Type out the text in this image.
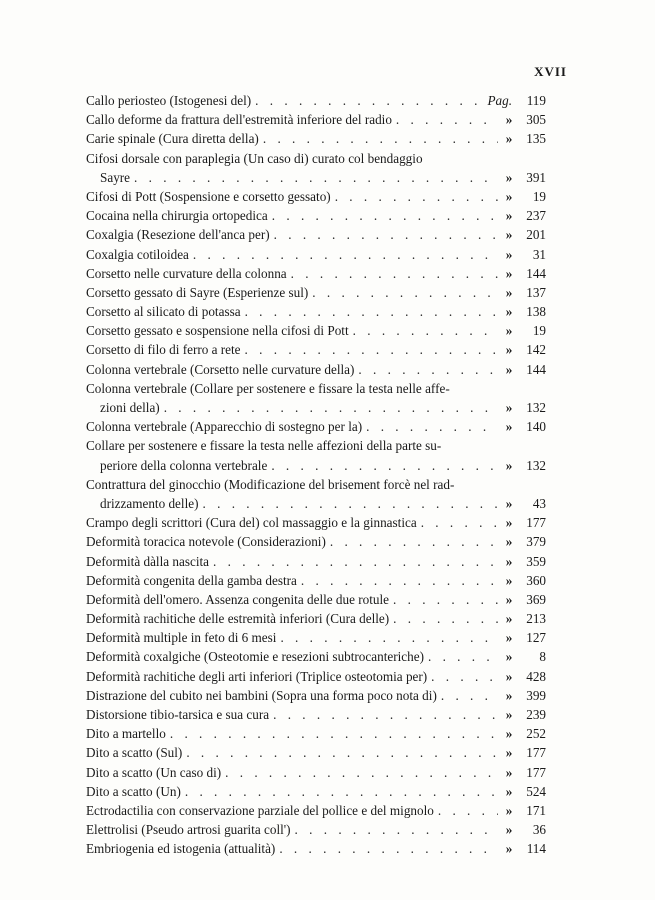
XVII
Callo periosteo (Istogenesi del) . . .	Pag.	119
Callo deforme da frattura dell'estremità inferiore del radio . . .	»	305
Carie spinale (Cura diretta della) . . .	»	135
Cifosi dorsale con paraplegia (Un caso di) curato col bendaggio
Sayre . . .	»	391
Cifosi di Pott (Sospensione e corsetto gessato) . . .	»	19
Cocaina nella chirurgia ortopedica . . .	»	237
Coxalgia (Resezione dell'anca per) . . .	»	201
Coxalgia cotiloidea . . .	»	31
Corsetto nelle curvature della colonna . . .	»	144
Corsetto gessato di Sayre (Esperienze sul) . . .	»	137
Corsetto al silicato di potassa . . .	»	138
Corsetto gessato e sospensione nella cifosi di Pott . . .	»	19
Corsetto di filo di ferro a rete . . .	»	142
Colonna vertebrale (Corsetto nelle curvature della) . . .	»	144
Colonna vertebrale (Collare per sostenere e fissare la testa nelle affe-
zioni della) . . .	»	132
Colonna vertebrale (Apparecchio di sostegno per la) . . .	»	140
Collare per sostenere e fissare la testa nelle affezioni della parte su-
periore della colonna vertebrale . . .	»	132
Contrattura del ginocchio (Modificazione del brisement forcè nel rad-
drizzamento delle) . . .	»	43
Crampo degli scrittori (Cura del) col massaggio e la ginnastica . . .	»	177
Deformità toracica notevole (Considerazioni) . . .	»	379
Deformità dàlla nascita . . .	»	359
Deformità congenita della gamba destra . . .	»	360
Deformità dell'omero. Assenza congenita delle due rotule . . .	»	369
Deformità rachitiche delle estremità inferiori (Cura delle) . . .	»	213
Deformità multiple in feto di 6 mesi . . .	»	127
Deformità coxalgiche (Osteotomie e resezioni subtrocanteriche) . . .	»	8
Deformità rachitiche degli arti inferiori (Triplice osteotomia per) . . .	»	428
Distrazione del cubito nei bambini (Sopra una forma poco nota di) . . .	»	399
Distorsione tibio-tarsica e sua cura . . .	»	239
Dito a martello . . .	»	252
Dito a scatto (Sul) . . .	»	177
Dito a scatto (Un caso di) . . .	»	177
Dito a scatto (Un) . . .	»	524
Ectrodactilia con conservazione parziale del pollice e del mignolo . . .	»	171
Elettrolisi (Pseudo artrosi guarita coll') . . .	»	36
Embriogenia ed istogenia (attualità) . . .	»	114
